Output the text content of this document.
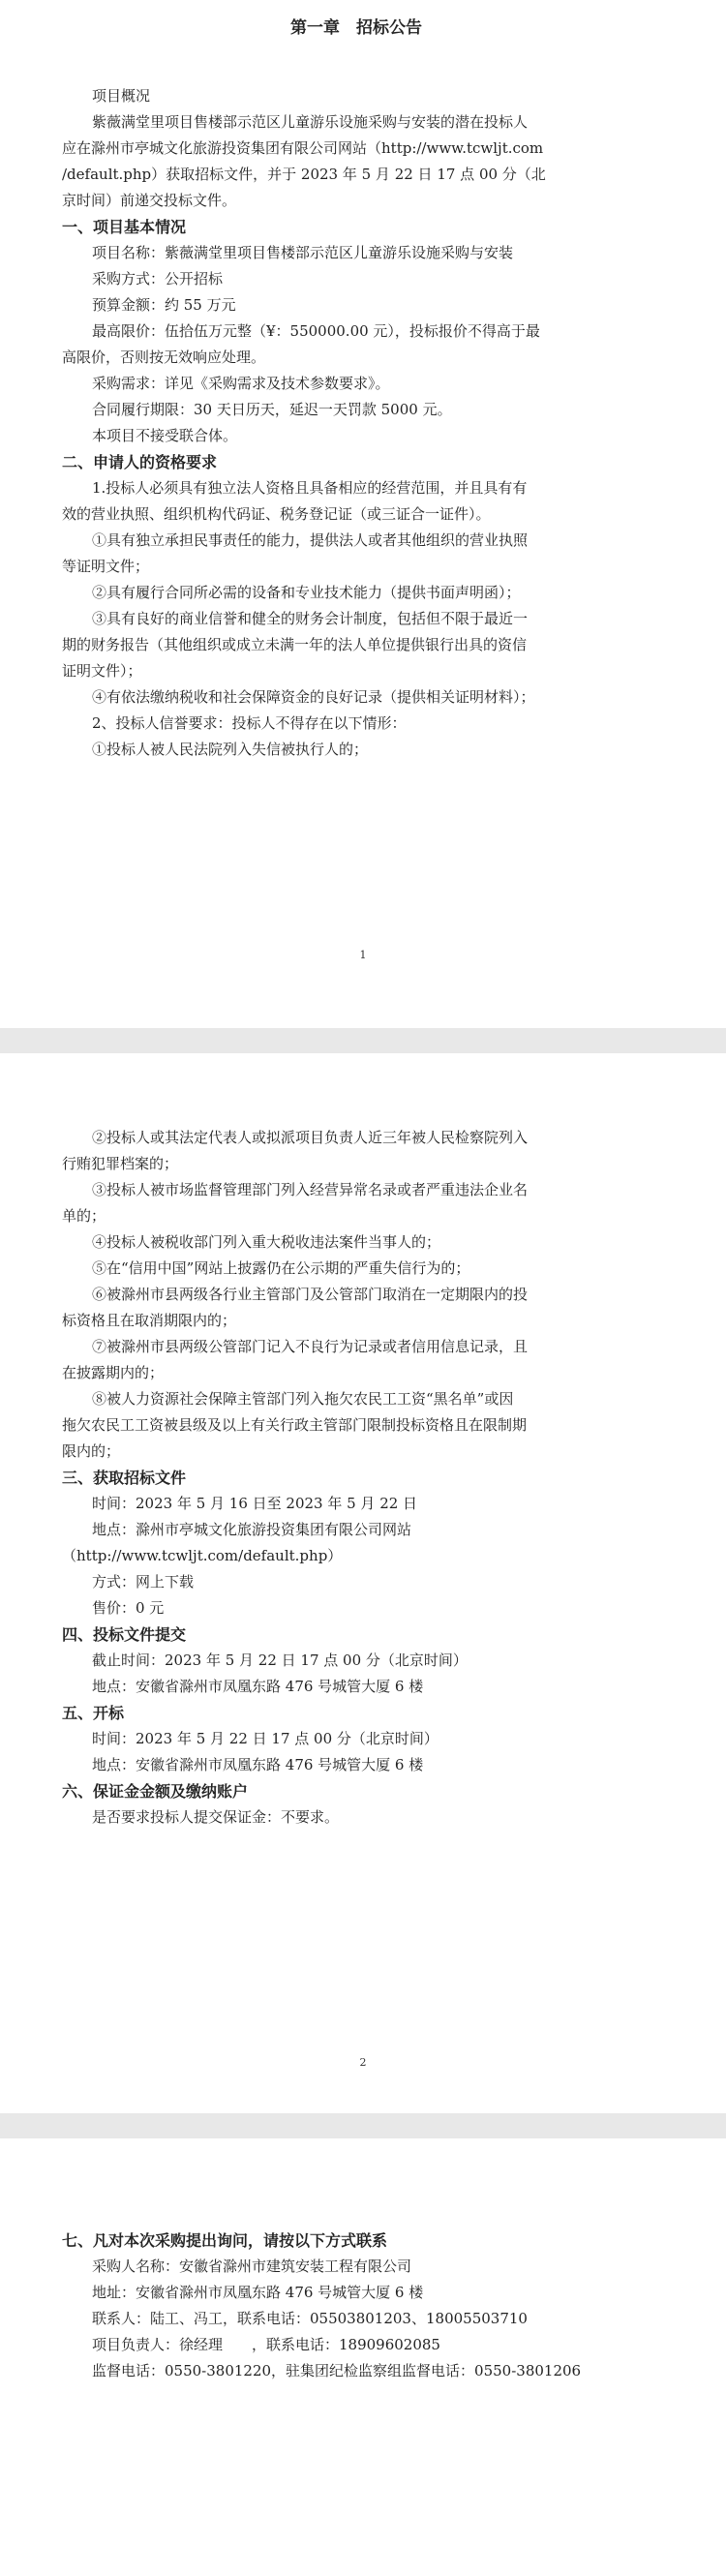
第一章　招标公告
项目概况
紫薇满堂里项目售楼部示范区儿童游乐设施采购与安装的潜在投标人
应在滁州市亭城文化旅游投资集团有限公司网站（http://www.tcwljt.com
/default.php）获取招标文件，并于 2023 年 5 月 22 日 17 点 00 分（北
京时间）前递交投标文件。
一、项目基本情况
项目名称：紫薇满堂里项目售楼部示范区儿童游乐设施采购与安装
采购方式：公开招标
预算金额：约 55 万元
最高限价：伍拾伍万元整（¥：550000.00 元），投标报价不得高于最
高限价，否则按无效响应处理。
采购需求：详见《采购需求及技术参数要求》。
合同履行期限：30 天日历天，延迟一天罚款 5000 元。
本项目不接受联合体。
二、申请人的资格要求
1.投标人必须具有独立法人资格且具备相应的经营范围，并且具有有
效的营业执照、组织机构代码证、税务登记证（或三证合一证件）。
①具有独立承担民事责任的能力，提供法人或者其他组织的营业执照
等证明文件；
②具有履行合同所必需的设备和专业技术能力（提供书面声明函）；
③具有良好的商业信誉和健全的财务会计制度，包括但不限于最近一
期的财务报告（其他组织或成立未满一年的法人单位提供银行出具的资信
证明文件）；
④有依法缴纳税收和社会保障资金的良好记录（提供相关证明材料）；
2、投标人信誉要求：投标人不得存在以下情形：
①投标人被人民法院列入失信被执行人的；
1
②投标人或其法定代表人或拟派项目负责人近三年被人民检察院列入
行贿犯罪档案的；
③投标人被市场监督管理部门列入经营异常名录或者严重违法企业名
单的；
④投标人被税收部门列入重大税收违法案件当事人的；
⑤在“信用中国”网站上披露仍在公示期的严重失信行为的；
⑥被滁州市县两级各行业主管部门及公管部门取消在一定期限内的投
标资格且在取消期限内的；
⑦被滁州市县两级公管部门记入不良行为记录或者信用信息记录，且
在披露期内的；
⑧被人力资源社会保障主管部门列入拖欠农民工工资“黑名单”或因
拖欠农民工工资被县级及以上有关行政主管部门限制投标资格且在限制期
限内的；
三、获取招标文件
时间：2023 年 5 月 16 日至 2023 年 5 月 22 日
地点：滁州市亭城文化旅游投资集团有限公司网站
（http://www.tcwljt.com/default.php）
方式：网上下载
售价：0 元
四、投标文件提交
截止时间：2023 年 5 月 22 日 17 点 00 分（北京时间）
地点：安徽省滁州市凤凰东路 476 号城管大厦 6 楼
五、开标
时间：2023 年 5 月 22 日 17 点 00 分（北京时间）
地点：安徽省滁州市凤凰东路 476 号城管大厦 6 楼
六、保证金金额及缴纳账户
是否要求投标人提交保证金：不要求。
2
七、凡对本次采购提出询问，请按以下方式联系
采购人名称：安徽省滁州市建筑安装工程有限公司
地址：安徽省滁州市凤凰东路 476 号城管大厦 6 楼
联系人：陆工、冯工，联系电话：05503801203、18005503710
项目负责人：徐经理　　，联系电话：18909602085
监督电话：0550-3801220，驻集团纪检监察组监督电话：0550-3801206
